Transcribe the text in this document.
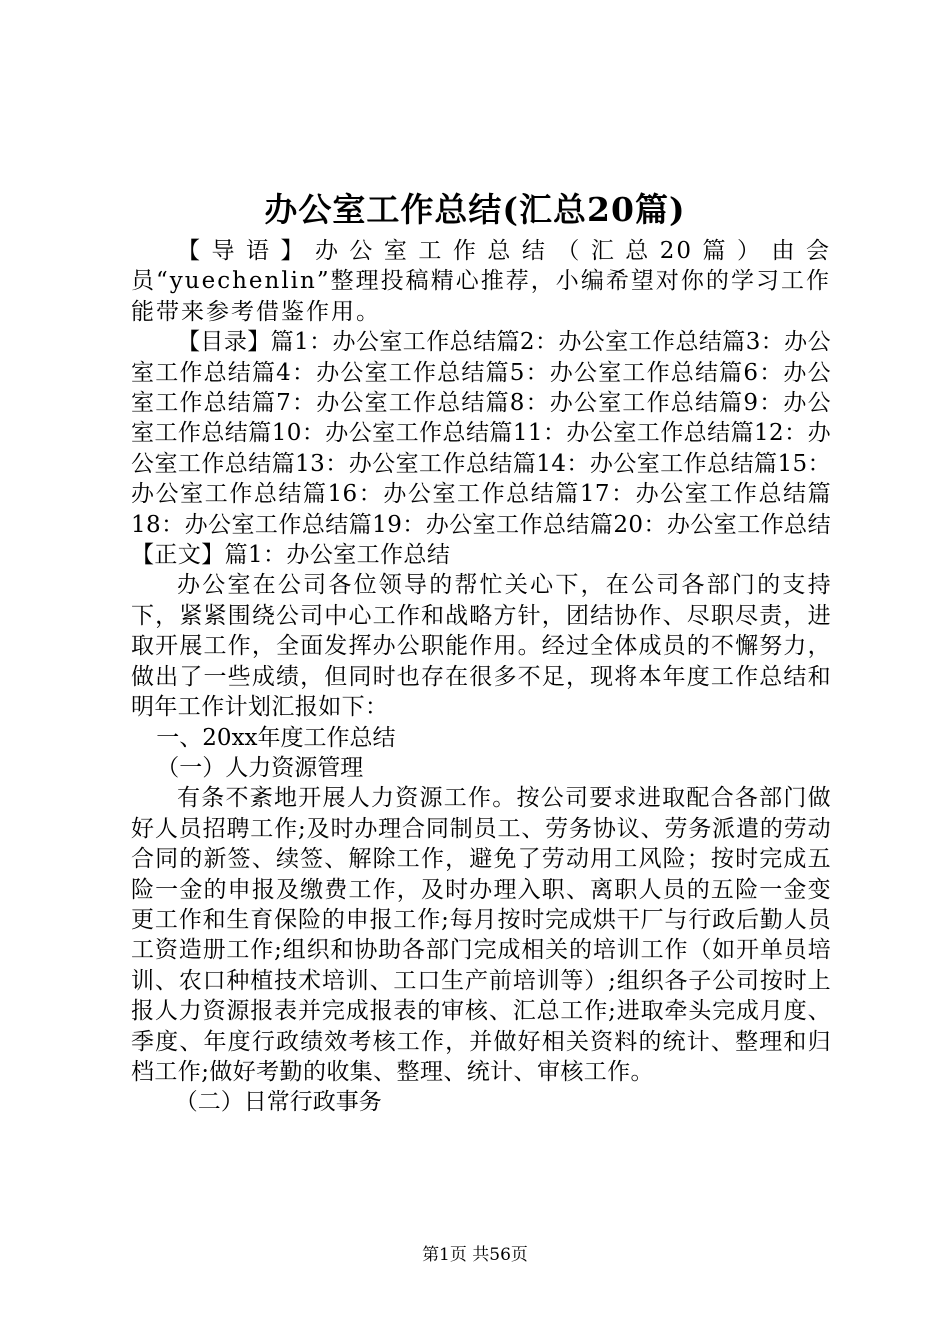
办公室工作总结(汇总20篇)

【导语】办公室工作总结（汇总20篇）由会员“yuechenlin”整理投稿精心推荐，小编希望对你的学习工作能带来参考借鉴作用。

【目录】篇1：办公室工作总结篇2：办公室工作总结篇3：办公室工作总结篇4：办公室工作总结篇5：办公室工作总结篇6：办公室工作总结篇7：办公室工作总结篇8：办公室工作总结篇9：办公室工作总结篇10：办公室工作总结篇11：办公室工作总结篇12：办公室工作总结篇13：办公室工作总结篇14：办公室工作总结篇15：办公室工作总结篇16：办公室工作总结篇17：办公室工作总结篇18：办公室工作总结篇19：办公室工作总结篇20：办公室工作总结【正文】篇1：办公室工作总结

办公室在公司各位领导的帮忙关心下，在公司各部门的支持下，紧紧围绕公司中心工作和战略方针，团结协作、尽职尽责，进取开展工作，全面发挥办公职能作用。经过全体成员的不懈努力，做出了一些成绩，但同时也存在很多不足，现将本年度工作总结和明年工作计划汇报如下：

一、20xx年度工作总结

（一）人力资源管理

有条不紊地开展人力资源工作。按公司要求进取配合各部门做好人员招聘工作;及时办理合同制员工、劳务协议、劳务派遣的劳动合同的新签、续签、解除工作，避免了劳动用工风险；按时完成五险一金的申报及缴费工作，及时办理入职、离职人员的五险一金变更工作和生育保险的申报工作;每月按时完成烘干厂与行政后勤人员工资造册工作;组织和协助各部门完成相关的培训工作（如开单员培训、农口种植技术培训、工口生产前培训等）;组织各子公司按时上报人力资源报表并完成报表的审核、汇总工作;进取牵头完成月度、季度、年度行政绩效考核工作，并做好相关资料的统计、整理和归档工作;做好考勤的收集、整理、统计、审核工作。

（二）日常行政事务

第1页 共56页
